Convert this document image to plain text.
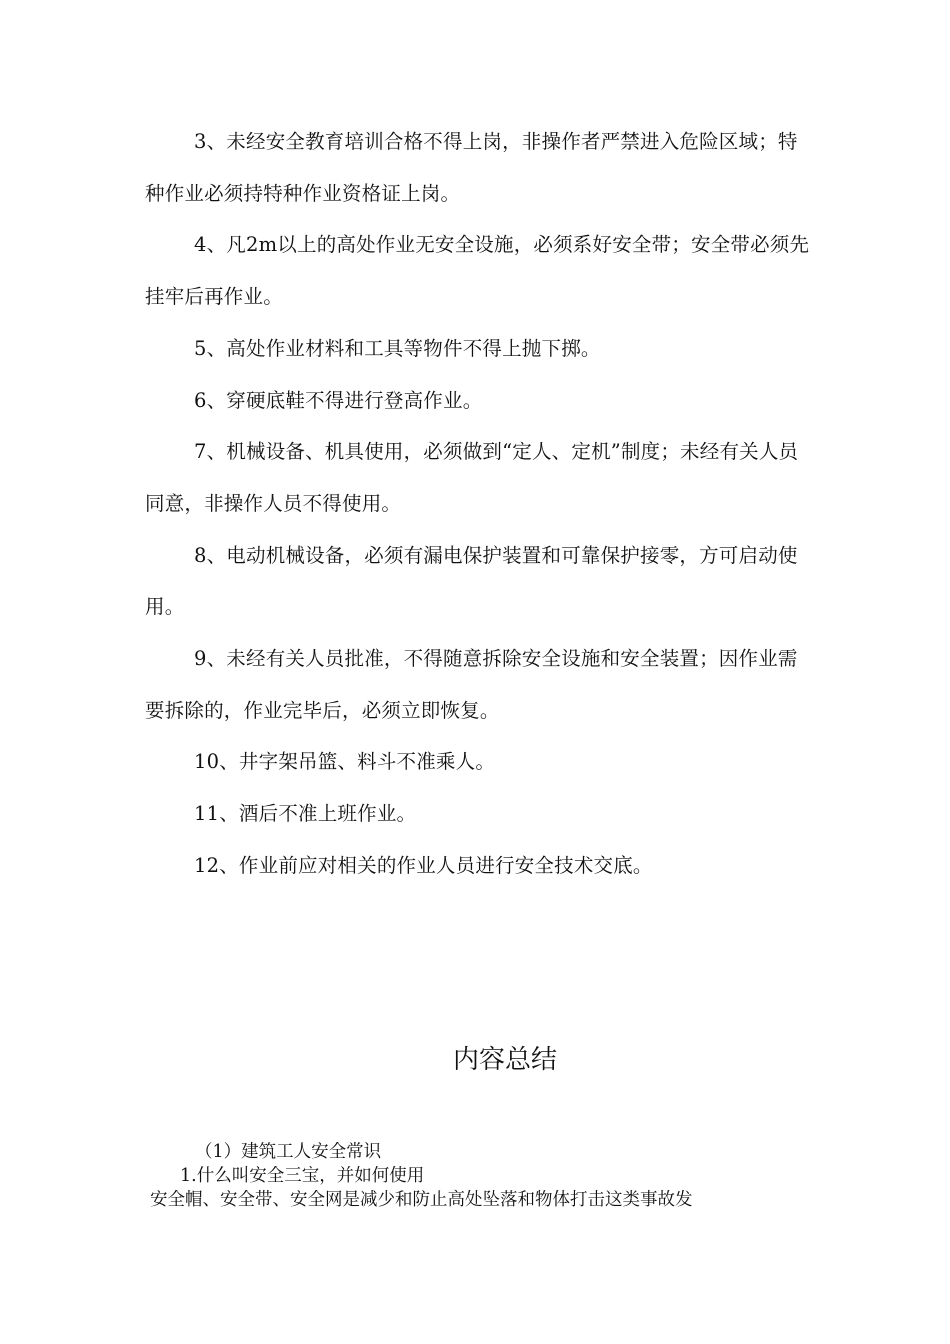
3、未经安全教育培训合格不得上岗，非操作者严禁进入危险区域；特种作业必须持特种作业资格证上岗。

4、凡2m以上的高处作业无安全设施，必须系好安全带；安全带必须先挂牢后再作业。

5、高处作业材料和工具等物件不得上抛下掷。

6、穿硬底鞋不得进行登高作业。

7、机械设备、机具使用，必须做到“定人、定机”制度；未经有关人员同意，非操作人员不得使用。

8、电动机械设备，必须有漏电保护装置和可靠保护接零，方可启动使用。

9、未经有关人员批准，不得随意拆除安全设施和安全装置；因作业需要拆除的，作业完毕后，必须立即恢复。

10、井字架吊篮、料斗不准乘人。

11、酒后不准上班作业。

12、作业前应对相关的作业人员进行安全技术交底。

内容总结

（1）建筑工人安全常识

1.什么叫安全三宝，并如何使用

安全帽、安全带、安全网是减少和防止高处坠落和物体打击这类事故发
